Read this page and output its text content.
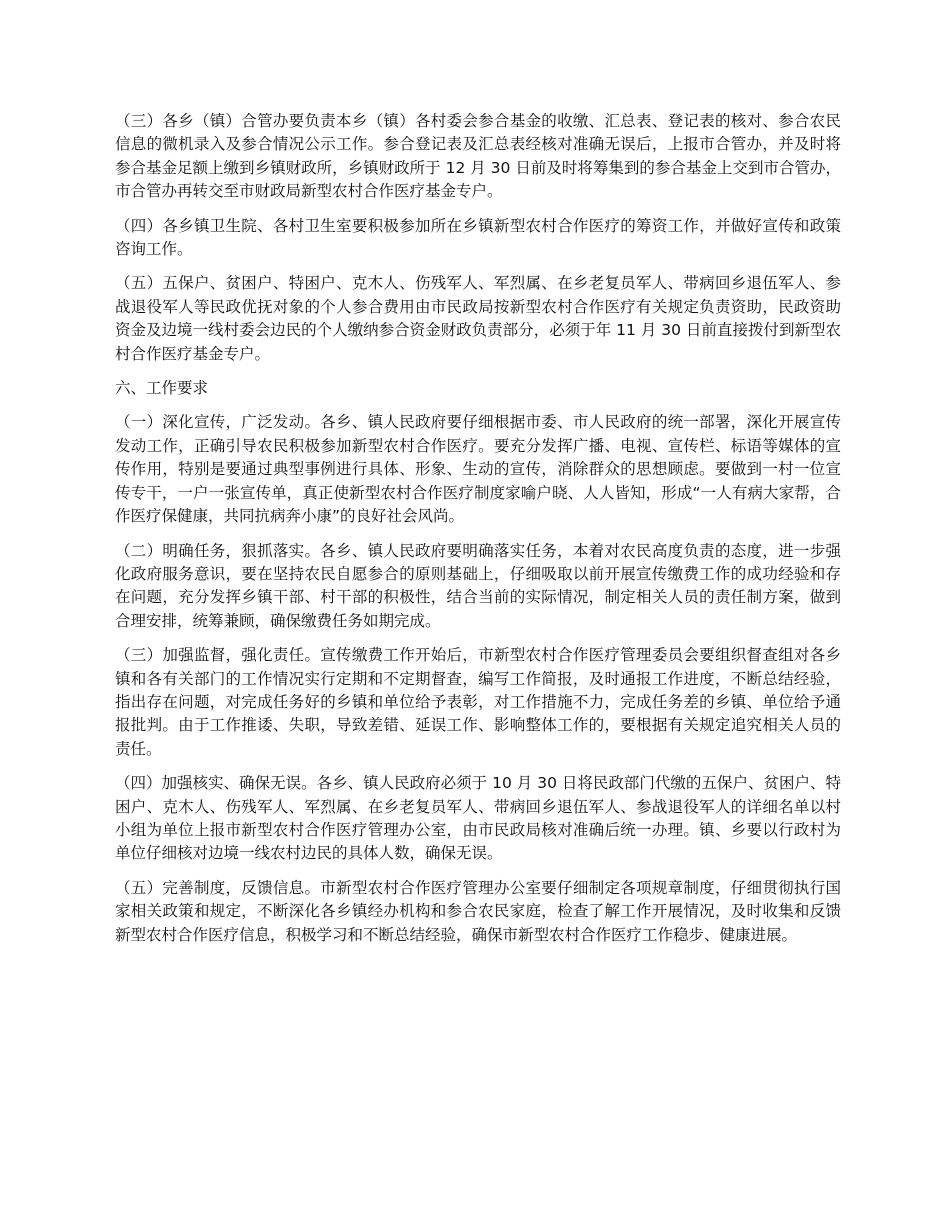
（三）各乡（镇）合管办要负责本乡（镇）各村委会参合基金的收缴、汇总表、登记表的核对、参合农民信息的微机录入及参合情况公示工作。参合登记表及汇总表经核对准确无误后，上报市合管办，并及时将参合基金足额上缴到乡镇财政所，乡镇财政所于 12 月 30 日前及时将筹集到的参合基金上交到市合管办，市合管办再转交至市财政局新型农村合作医疗基金专户。

（四）各乡镇卫生院、各村卫生室要积极参加所在乡镇新型农村合作医疗的筹资工作，并做好宣传和政策咨询工作。

（五）五保户、贫困户、特困户、克木人、伤残军人、军烈属、在乡老复员军人、带病回乡退伍军人、参战退役军人等民政优抚对象的个人参合费用由市民政局按新型农村合作医疗有关规定负责资助，民政资助资金及边境一线村委会边民的个人缴纳参合资金财政负责部分，必须于年 11 月 30 日前直接拨付到新型农村合作医疗基金专户。

六、工作要求

（一）深化宣传，广泛发动。各乡、镇人民政府要仔细根据市委、市人民政府的统一部署，深化开展宣传发动工作，正确引导农民积极参加新型农村合作医疗。要充分发挥广播、电视、宣传栏、标语等媒体的宣传作用，特别是要通过典型事例进行具体、形象、生动的宣传，消除群众的思想顾虑。要做到一村一位宣传专干，一户一张宣传单，真正使新型农村合作医疗制度家喻户晓、人人皆知，形成“一人有病大家帮，合作医疗保健康，共同抗病奔小康”的良好社会风尚。

（二）明确任务，狠抓落实。各乡、镇人民政府要明确落实任务，本着对农民高度负责的态度，进一步强化政府服务意识，要在坚持农民自愿参合的原则基础上，仔细吸取以前开展宣传缴费工作的成功经验和存在问题，充分发挥乡镇干部、村干部的积极性，结合当前的实际情况，制定相关人员的责任制方案，做到合理安排，统筹兼顾，确保缴费任务如期完成。

（三）加强监督，强化责任。宣传缴费工作开始后，市新型农村合作医疗管理委员会要组织督查组对各乡镇和各有关部门的工作情况实行定期和不定期督查，编写工作简报，及时通报工作进度，不断总结经验，指出存在问题，对完成任务好的乡镇和单位给予表彰，对工作措施不力，完成任务差的乡镇、单位给予通报批判。由于工作推诿、失职，导致差错、延误工作、影响整体工作的，要根据有关规定追究相关人员的责任。

（四）加强核实、确保无误。各乡、镇人民政府必须于 10 月 30 日将民政部门代缴的五保户、贫困户、特困户、克木人、伤残军人、军烈属、在乡老复员军人、带病回乡退伍军人、参战退役军人的详细名单以村小组为单位上报市新型农村合作医疗管理办公室，由市民政局核对准确后统一办理。镇、乡要以行政村为单位仔细核对边境一线农村边民的具体人数，确保无误。

（五）完善制度，反馈信息。市新型农村合作医疗管理办公室要仔细制定各项规章制度，仔细贯彻执行国家相关政策和规定，不断深化各乡镇经办机构和参合农民家庭，检查了解工作开展情况，及时收集和反馈新型农村合作医疗信息，积极学习和不断总结经验，确保市新型农村合作医疗工作稳步、健康进展。
